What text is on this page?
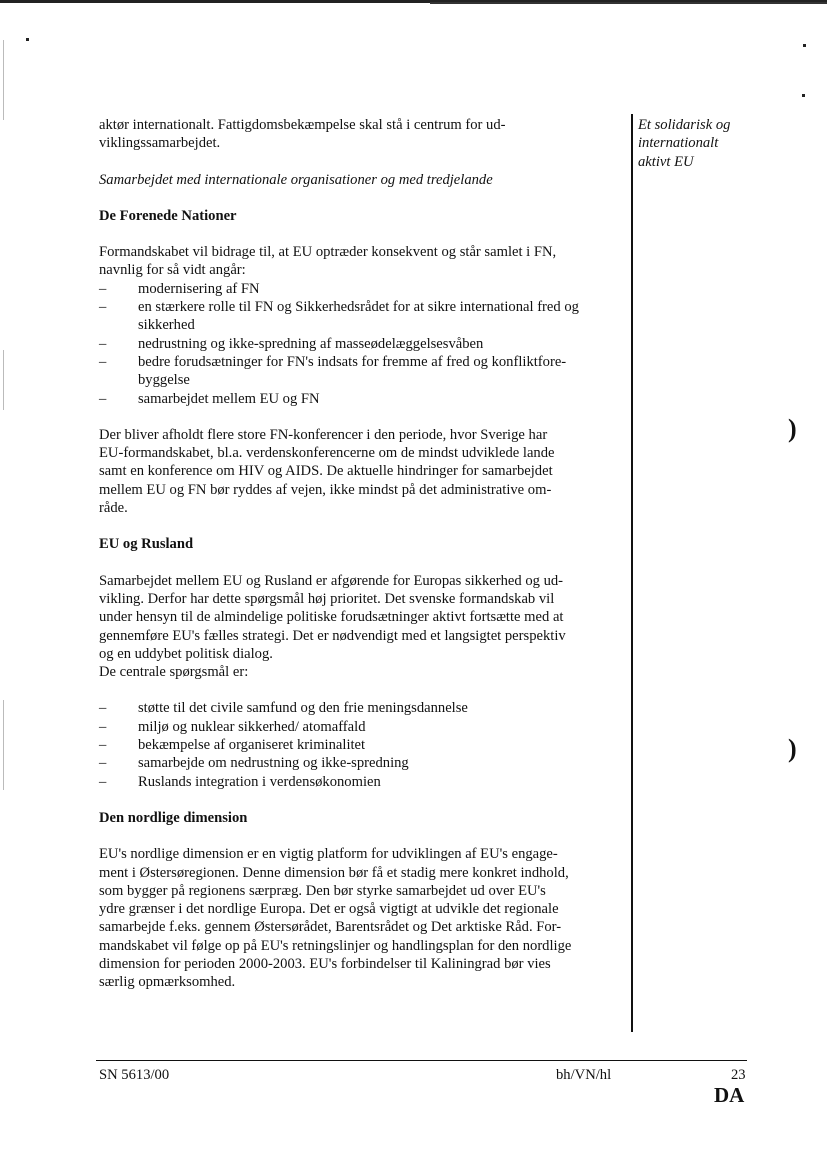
aktør internationalt. Fattigdomsbekæmpelse skal stå i centrum for ud-

viklingssamarbejdet.

Samarbejdet med internationale organisationer og med tredjelande

De Forenede Nationer

Formandskabet vil bidrage til, at EU optræder konsekvent og står samlet i FN,

navnlig for så vidt angår:

– modernisering af FN
– en stærkere rolle til FN og Sikkerhedsrådet for at sikre international fred og
sikkerhed
– nedrustning og ikke-spredning af masseødelæggelsesvåben
– bedre forudsætninger for FN's indsats for fremme af fred og konfliktfore-
byggelse
– samarbejdet mellem EU og FN

Der bliver afholdt flere store FN-konferencer i den periode, hvor Sverige har

EU-formandskabet, bl.a. verdenskonferencerne om de mindst udviklede lande

samt en konference om HIV og AIDS. De aktuelle hindringer for samarbejdet

mellem EU og FN bør ryddes af vejen, ikke mindst på det administrative om-

råde.

EU og Rusland

Samarbejdet mellem EU og Rusland er afgørende for Europas sikkerhed og ud-

vikling. Derfor har dette spørgsmål høj prioritet. Det svenske formandskab vil

under hensyn til de almindelige politiske forudsætninger aktivt fortsætte med at

gennemføre EU's fælles strategi. Det er nødvendigt med et langsigtet perspektiv

og en uddybet politisk dialog.

De centrale spørgsmål er:

– støtte til det civile samfund og den frie meningsdannelse
– miljø og nuklear sikkerhed/ atomaffald
– bekæmpelse af organiseret kriminalitet
– samarbejde om nedrustning og ikke-spredning
– Ruslands integration i verdensøkonomien

Den nordlige dimension

EU's nordlige dimension er en vigtig platform for udviklingen af EU's engage-

ment i Østersøregionen. Denne dimension bør få et stadig mere konkret indhold,

som bygger på regionens særpræg. Den bør styrke samarbejdet ud over EU's

ydre grænser i det nordlige Europa. Det er også vigtigt at udvikle det regionale

samarbejde f.eks. gennem Østersørådet, Barentsrådet og Det arktiske Råd. For-

mandskabet vil følge op på EU's retningslinjer og handlingsplan for den nordlige

dimension for perioden 2000-2003. EU's forbindelser til Kaliningrad bør vies

særlig opmærksomhed.

Et solidarisk og
internationalt
aktivt EU
)
)
SN 5613/00	bh/VN/hl	23
DA
